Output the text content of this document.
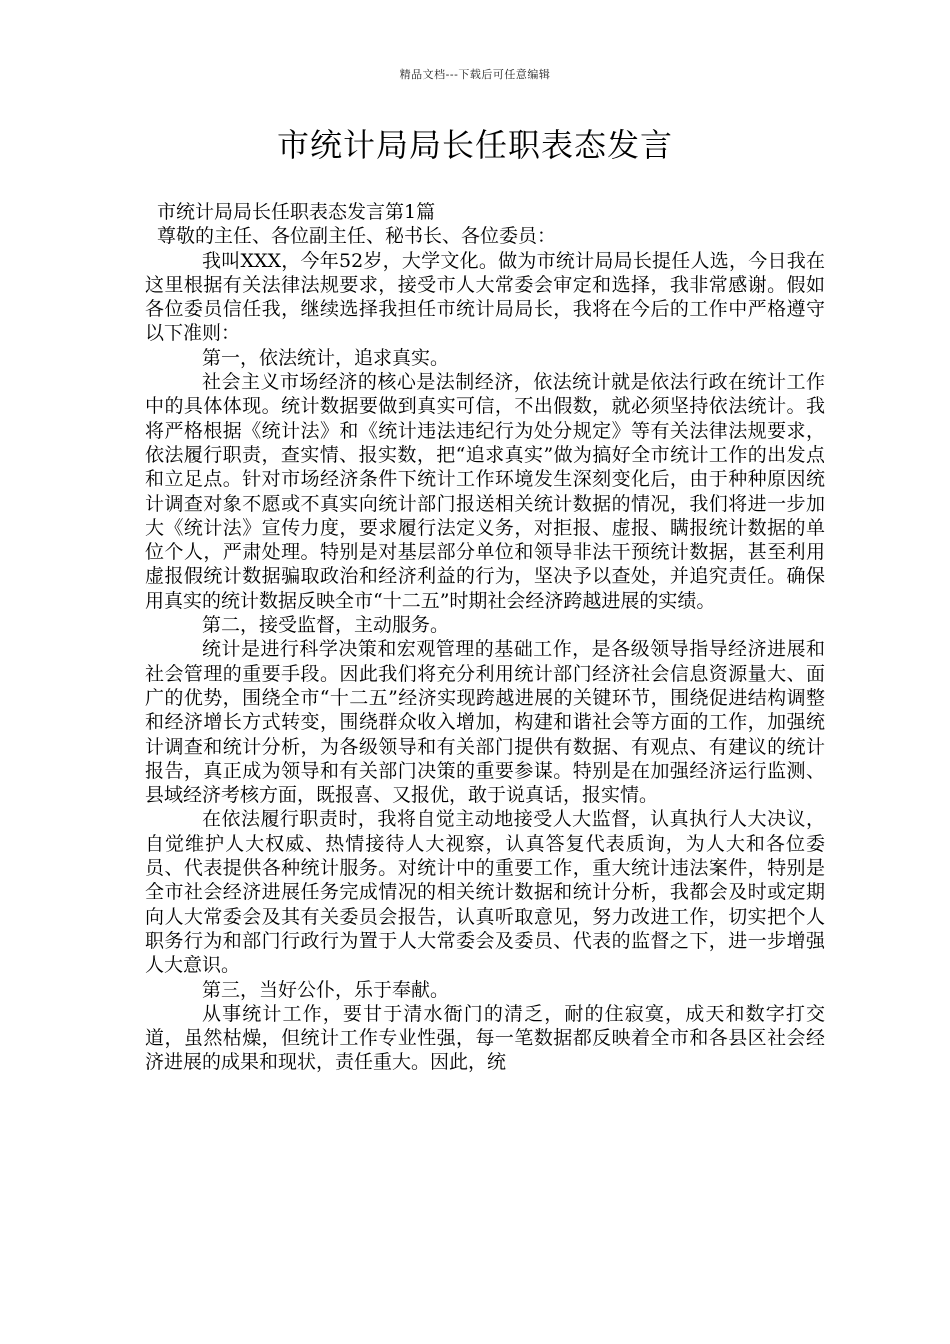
精品文档---下载后可任意编辑
市统计局局长任职表态发言

市统计局局长任职表态发言第1篇

尊敬的主任、各位副主任、秘书长、各位委员：

我叫XXX，今年52岁，大学文化。做为市统计局局长提任人选，今日我在这里根据有关法律法规要求，接受市人大常委会审定和选择，我非常感谢。假如各位委员信任我，继续选择我担任市统计局局长，我将在今后的工作中严格遵守以下准则：

第一，依法统计，追求真实。

社会主义市场经济的核心是法制经济，依法统计就是依法行政在统计工作中的具体体现。统计数据要做到真实可信，不出假数，就必须坚持依法统计。我将严格根据《统计法》和《统计违法违纪行为处分规定》等有关法律法规要求，依法履行职责，查实情、报实数，把“追求真实”做为搞好全市统计工作的出发点和立足点。针对市场经济条件下统计工作环境发生深刻变化后，由于种种原因统计调查对象不愿或不真实向统计部门报送相关统计数据的情况，我们将进一步加大《统计法》宣传力度，要求履行法定义务，对拒报、虚报、瞒报统计数据的单位个人，严肃处理。特别是对基层部分单位和领导非法干预统计数据，甚至利用虚报假统计数据骗取政治和经济利益的行为，坚决予以查处，并追究责任。确保用真实的统计数据反映全市“十二五”时期社会经济跨越进展的实绩。

第二，接受监督，主动服务。

统计是进行科学决策和宏观管理的基础工作，是各级领导指导经济进展和社会管理的重要手段。因此我们将充分利用统计部门经济社会信息资源量大、面广的优势，围绕全市“十二五”经济实现跨越进展的关键环节，围绕促进结构调整和经济增长方式转变，围绕群众收入增加，构建和谐社会等方面的工作，加强统计调查和统计分析，为各级领导和有关部门提供有数据、有观点、有建议的统计报告，真正成为领导和有关部门决策的重要参谋。特别是在加强经济运行监测、县域经济考核方面，既报喜、又报优，敢于说真话，报实情。

在依法履行职责时，我将自觉主动地接受人大监督，认真执行人大决议，自觉维护人大权威、热情接待人大视察，认真答复代表质询，为人大和各位委员、代表提供各种统计服务。对统计中的重要工作，重大统计违法案件，特别是全市社会经济进展任务完成情况的相关统计数据和统计分析，我都会及时或定期向人大常委会及其有关委员会报告，认真听取意见，努力改进工作，切实把个人职务行为和部门行政行为置于人大常委会及委员、代表的监督之下，进一步增强人大意识。

第三，当好公仆，乐于奉献。

从事统计工作，要甘于清水衙门的清乏，耐的住寂寞，成天和数字打交道，虽然枯燥，但统计工作专业性强，每一笔数据都反映着全市和各县区社会经济进展的成果和现状，责任重大。因此，统
